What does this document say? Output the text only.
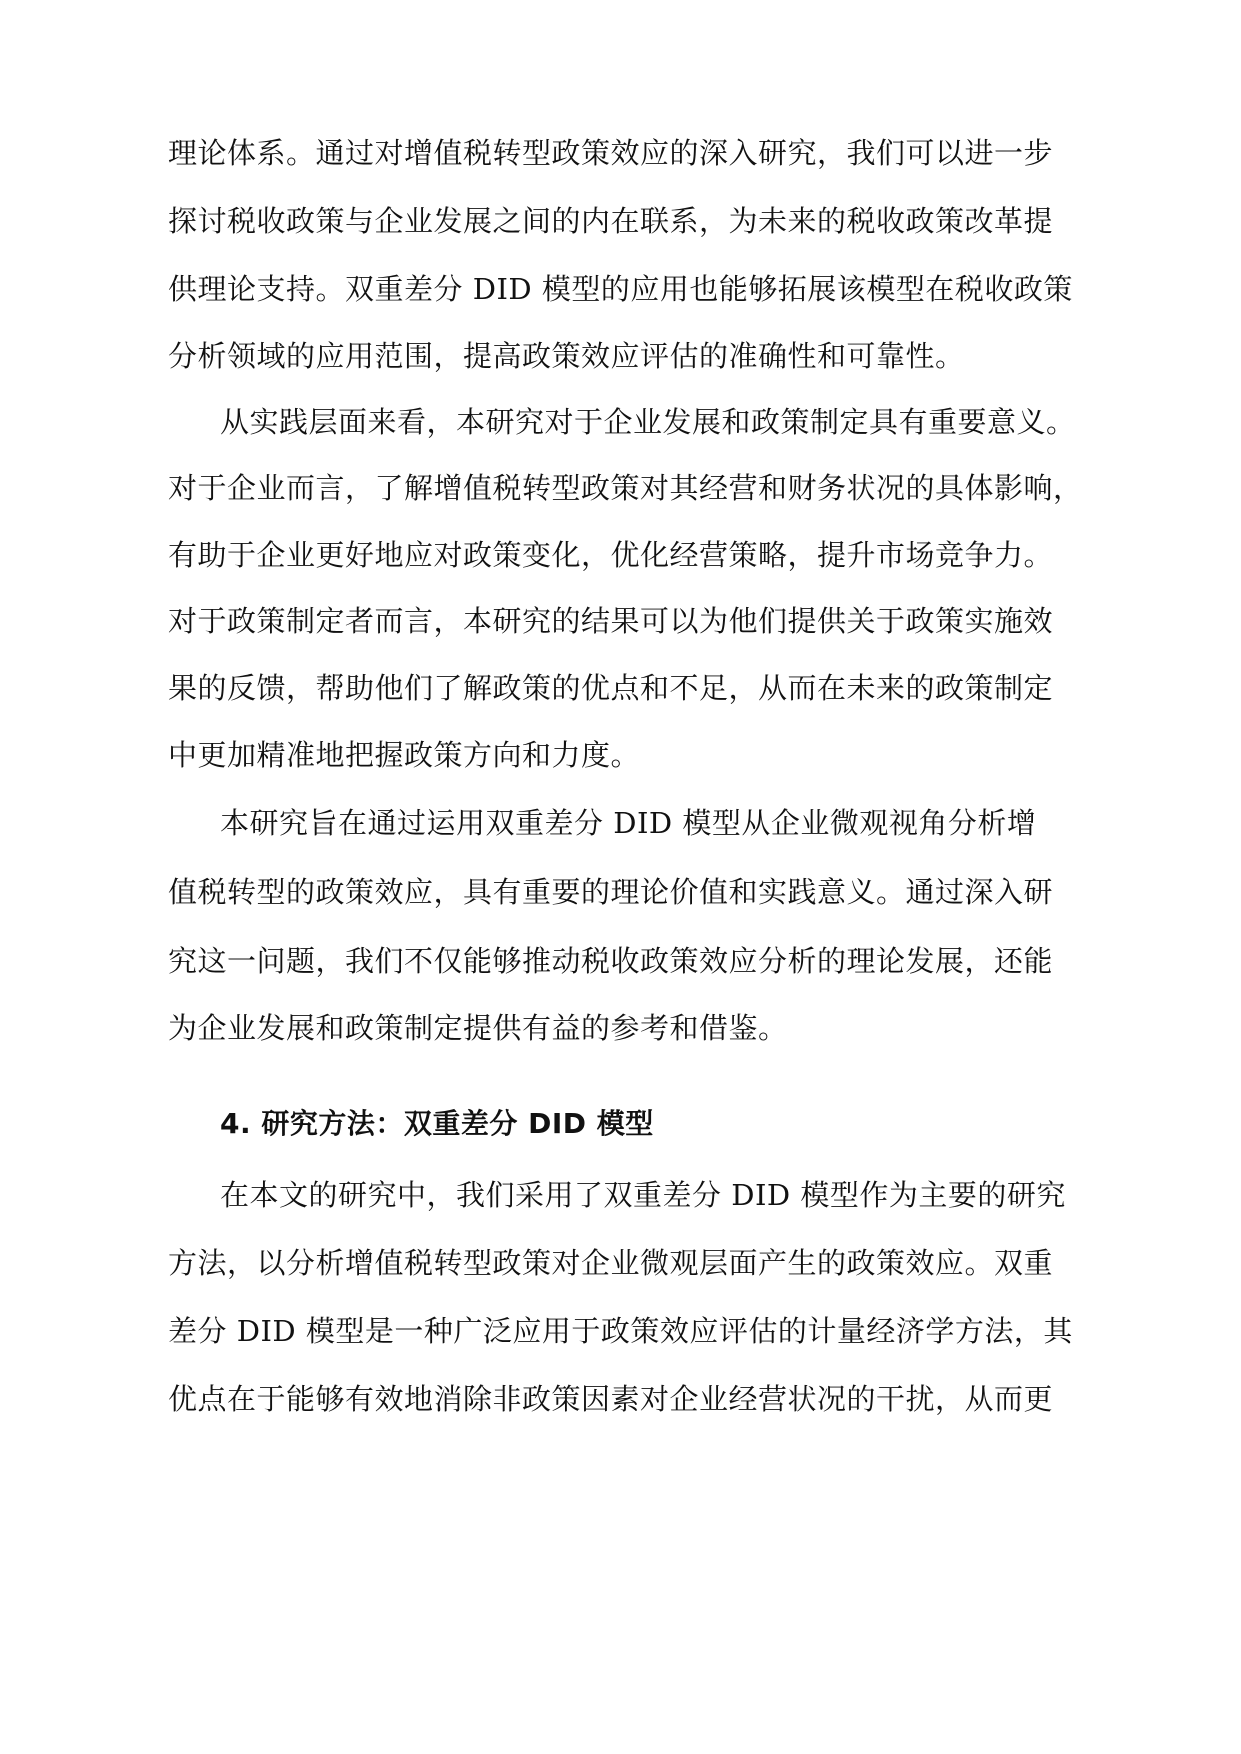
理论体系。通过对增值税转型政策效应的深入研究，我们可以进一步
探讨税收政策与企业发展之间的内在联系，为未来的税收政策改革提
供理论支持。双重差分 DID 模型的应用也能够拓展该模型在税收政策
分析领域的应用范围，提高政策效应评估的准确性和可靠性。
从实践层面来看，本研究对于企业发展和政策制定具有重要意义。
对于企业而言，了解增值税转型政策对其经营和财务状况的具体影响，
有助于企业更好地应对政策变化，优化经营策略，提升市场竞争力。
对于政策制定者而言，本研究的结果可以为他们提供关于政策实施效
果的反馈，帮助他们了解政策的优点和不足，从而在未来的政策制定
中更加精准地把握政策方向和力度。
本研究旨在通过运用双重差分 DID 模型从企业微观视角分析增
值税转型的政策效应，具有重要的理论价值和实践意义。通过深入研
究这一问题，我们不仅能够推动税收政策效应分析的理论发展，还能
为企业发展和政策制定提供有益的参考和借鉴。
4. 研究方法：双重差分 DID 模型
在本文的研究中，我们采用了双重差分 DID 模型作为主要的研究
方法，以分析增值税转型政策对企业微观层面产生的政策效应。双重
差分 DID 模型是一种广泛应用于政策效应评估的计量经济学方法，其
优点在于能够有效地消除非政策因素对企业经营状况的干扰，从而更
